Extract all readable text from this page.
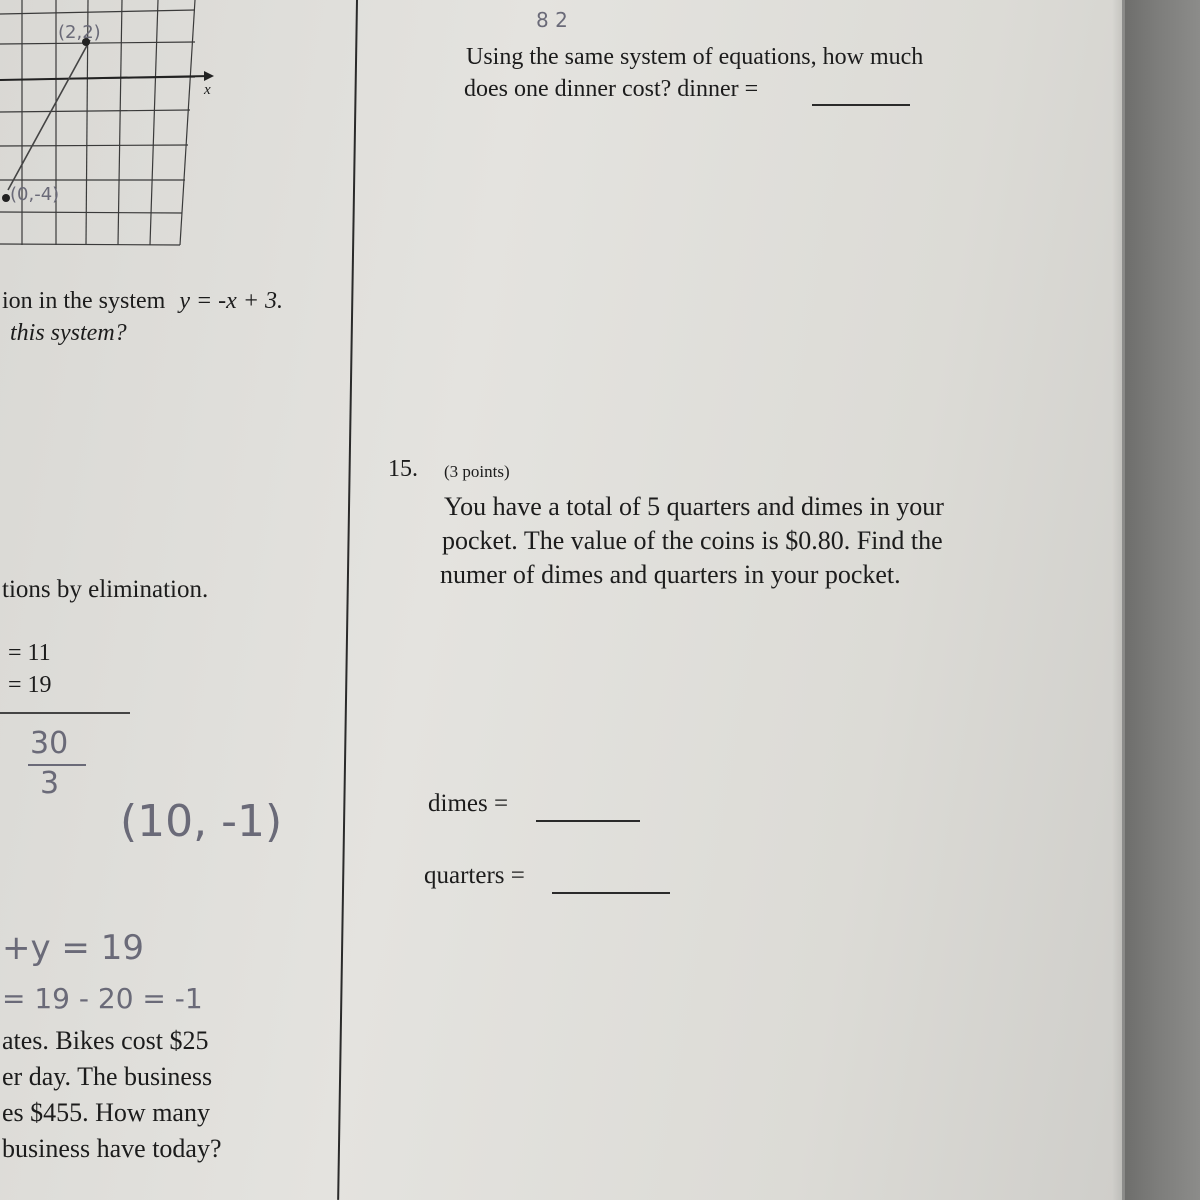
x
(2,2)
(0,-4)
ion in the system y = -x + 3.
this system?
tions by elimination.
= 11
= 19
30
3
(10, -1)
+y = 19
= 19 - 20 = -1
ates. Bikes cost $25
er day. The business
es $455. How many
business have today?
8 2
Using the same system of equations, how much
does one dinner cost? dinner =
15. (3 points)
You have a total of 5 quarters and dimes in your
pocket. The value of the coins is $0.80. Find the
numer of dimes and quarters in your pocket.
dimes =
quarters =
